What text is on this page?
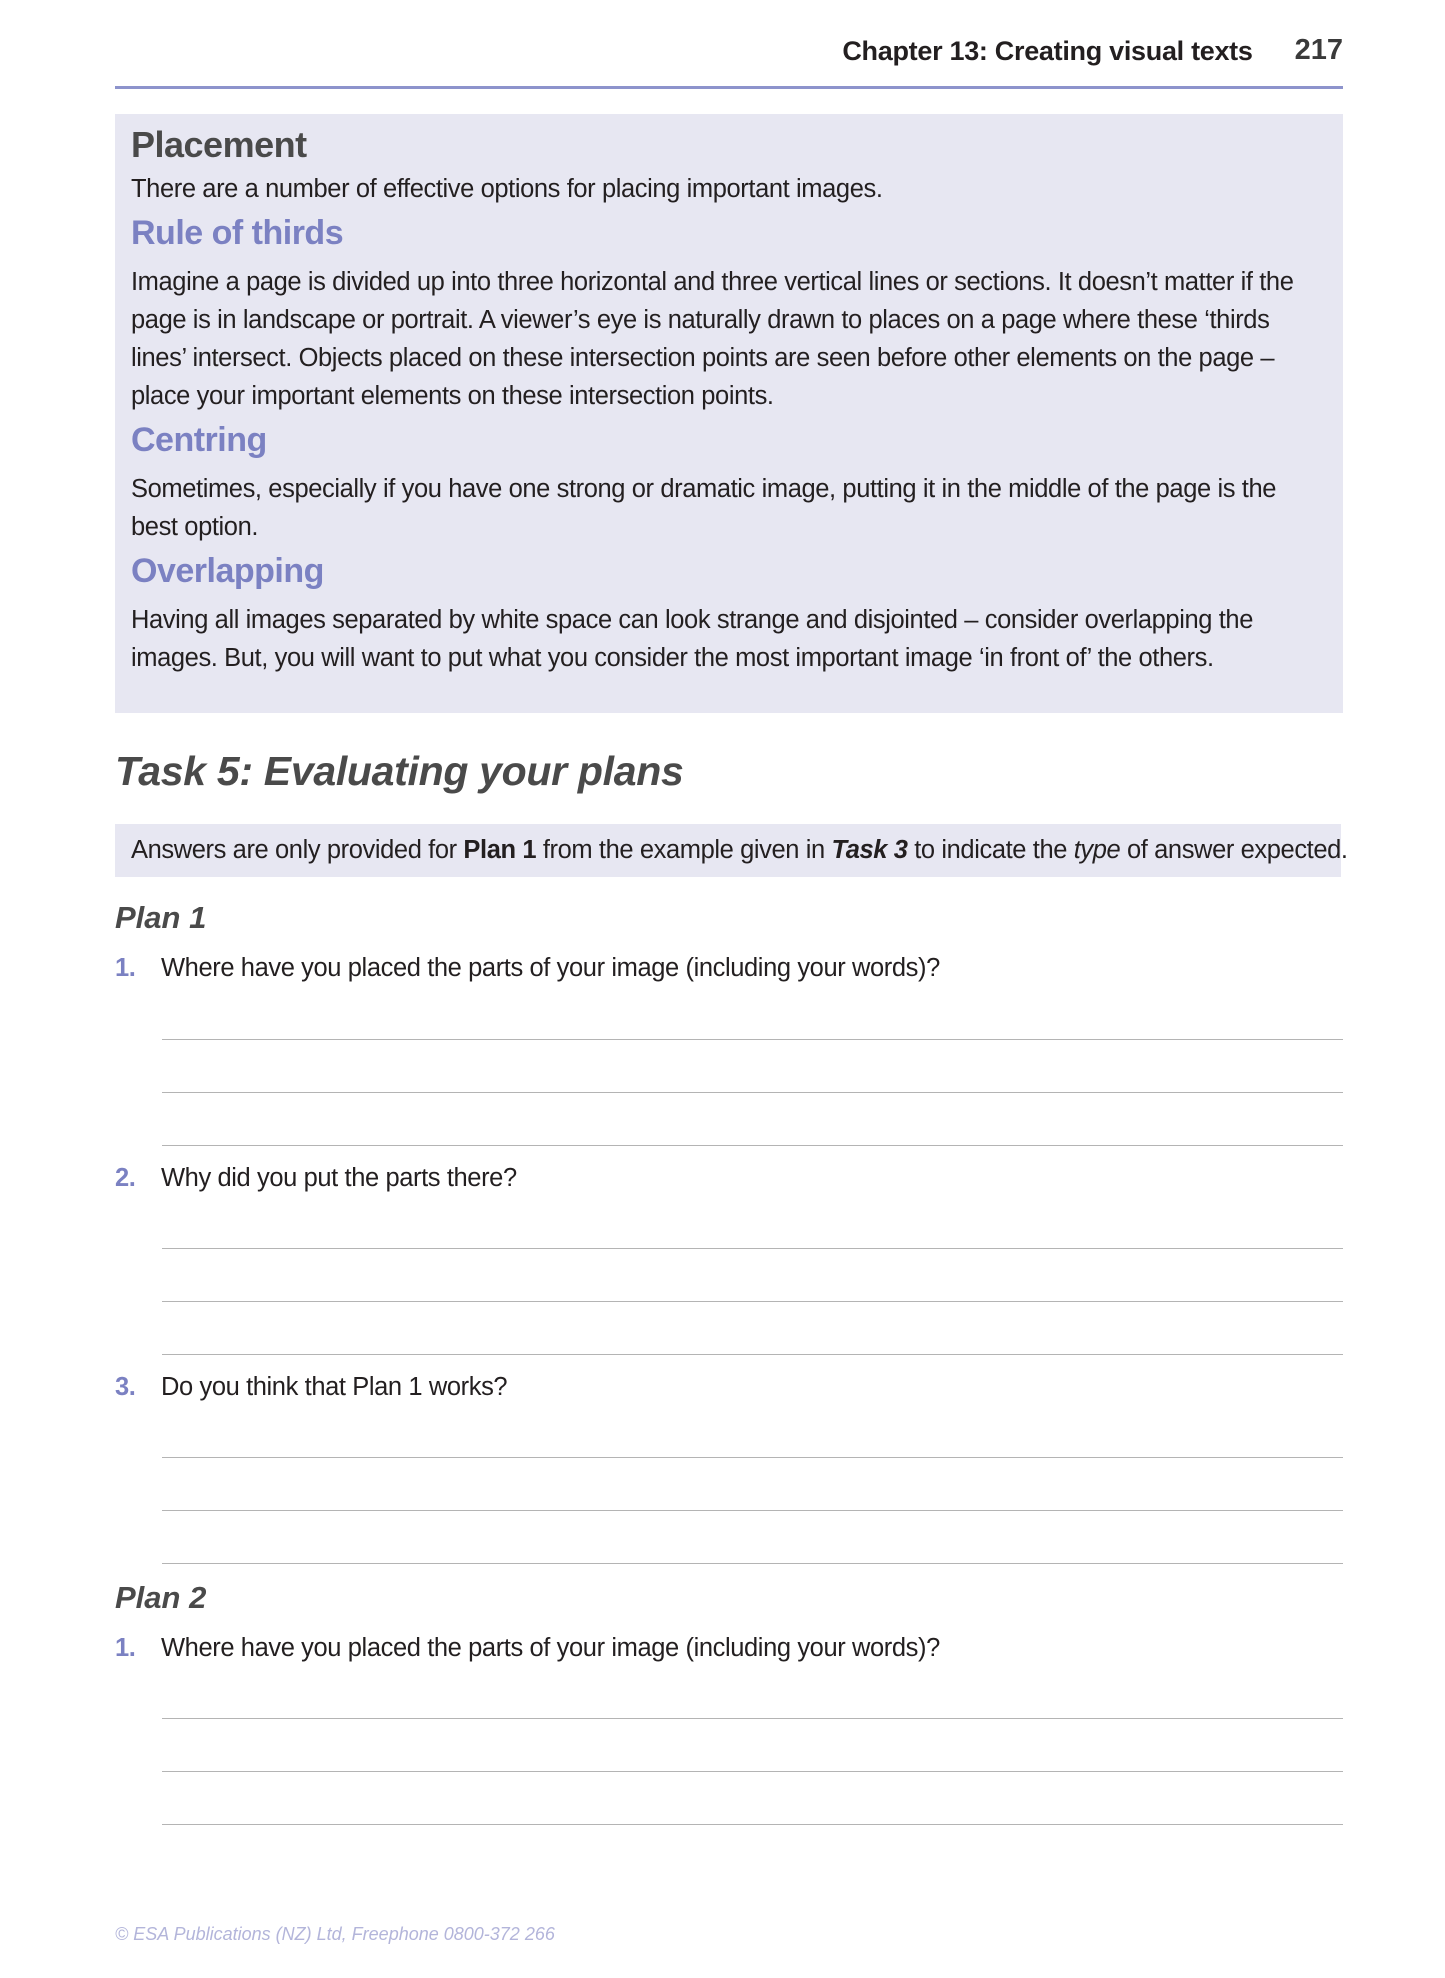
Chapter 13: Creating visual texts 217
Placement

There are a number of effective options for placing important images.

Rule of thirds

Imagine a page is divided up into three horizontal and three vertical lines or sections. It doesn’t matter if the page is in landscape or portrait. A viewer’s eye is naturally drawn to places on a page where these ‘thirds lines’ intersect. Objects placed on these intersection points are seen before other elements on the page – place your important elements on these intersection points.

Centring

Sometimes, especially if you have one strong or dramatic image, putting it in the middle of the page is the best option.

Overlapping

Having all images separated by white space can look strange and disjointed – consider overlapping the images. But, you will want to put what you consider the most important image ‘in front of’ the others.

Task 5: Evaluating your plans
Answers are only provided for Plan 1 from the example given in Task 3 to indicate the type of answer expected.
Plan 1
1. Where have you placed the parts of your image (including your words)?
2. Why did you put the parts there?
3. Do you think that Plan 1 works?
Plan 2
1. Where have you placed the parts of your image (including your words)?
© ESA Publications (NZ) Ltd, Freephone 0800-372 266
